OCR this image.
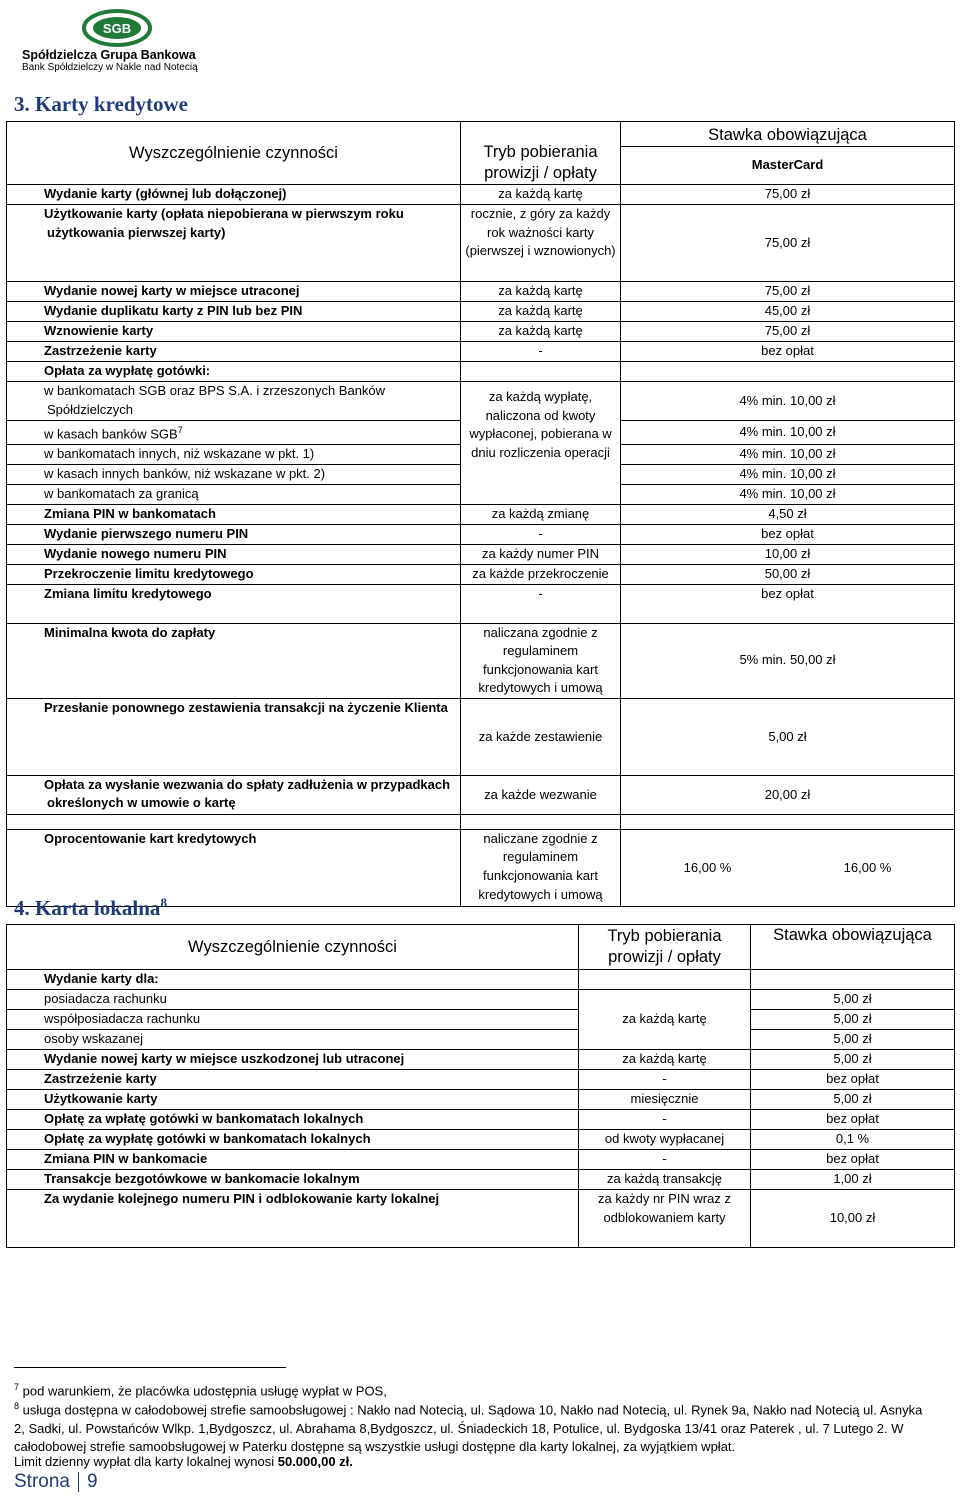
SGB
Spółdzielcza Grupa Bankowa
Bank Spółdzielczy w Nakle nad Notecią
3. Karty kredytowe
Wyszczególnienie czynności	Tryb pobierania prowizji / opłaty	Stawka obowiązująca
		MasterCard
Wydanie karty (głównej lub dołączonej)	za każdą kartę	75,00 zł
Użytkowanie karty (opłata niepobierana w pierwszym roku użytkowania pierwszej karty)	rocznie, z góry za każdy rok ważności karty (pierwszej i wznowionych)	75,00 zł
Wydanie nowej karty w miejsce utraconej	za każdą kartę	75,00 zł
Wydanie duplikatu karty z PIN lub bez PIN	za każdą kartę	45,00 zł
Wznowienie karty	za każdą kartę	75,00 zł
Zastrzeżenie karty	-	bez opłat
Opłata za wypłatę gotówki:		
w bankomatach SGB oraz BPS S.A. i zrzeszonych Banków Spółdzielczych	za każdą wypłatę, naliczona od kwoty wypłaconej, pobierana w dniu rozliczenia operacji	4% min. 10,00 zł
w kasach banków SGB$^7$		4% min. 10,00 zł
w bankomatach innych, niż wskazane w pkt. 1)		4% min. 10,00 zł
w kasach innych banków, niż wskazane w pkt. 2)		4% min. 10,00 zł
w bankomatach za granicą		4% min. 10,00 zł
Zmiana PIN w bankomatach	za każdą zmianę	4,50 zł
Wydanie pierwszego numeru PIN	-	bez opłat
Wydanie nowego numeru PIN	za każdy numer PIN	10,00 zł
Przekroczenie limitu kredytowego	za każde przekroczenie	50,00 zł
Zmiana limitu kredytowego	-	bez opłat
Minimalna kwota do zapłaty	naliczana zgodnie z regulaminem funkcjonowania kart kredytowych i umową	5% min. 50,00 zł
Przesłanie ponownego zestawienia transakcji na życzenie Klienta	za każde zestawienie	5,00 zł
Opłata za wysłanie wezwania do spłaty zadłużenia w przypadkach określonych w umowie o kartę	za każde wezwanie	20,00 zł

Oprocentowanie kart kredytowych	naliczane zgodnie z regulaminem funkcjonowania kart kredytowych i umową	16,00 % 16,00 %
4. Karta lokalna$^8$
Wyszczególnienie czynności	Tryb pobierania prowizji / opłaty	Stawka obowiązująca
Wydanie karty dla:		
posiadacza rachunku	za każdą kartę	5,00 zł
współposiadacza rachunku		5,00 zł
osoby wskazanej		5,00 zł
Wydanie nowej karty w miejsce uszkodzonej lub utraconej	za każdą kartę	5,00 zł
Zastrzeżenie karty	-	bez opłat
Użytkowanie karty	miesięcznie	5,00 zł
Opłatę za wpłatę gotówki w bankomatach lokalnych	-	bez opłat
Opłatę za wypłatę gotówki w bankomatach lokalnych	od kwoty wypłacanej	0,1 %
Zmiana PIN w bankomacie	-	bez opłat
Transakcje bezgotówkowe w bankomacie lokalnym	za każdą transakcję	1,00 zł
Za wydanie kolejnego numeru PIN i odblokowanie karty lokalnej	za każdy nr PIN wraz z odblokowaniem karty	10,00 zł
$^7$ pod warunkiem, że placówka udostępnia usługę wypłat w POS,
$^8$ usługa dostępna w całodobowej strefie samoobsługowej : Nakło nad Notecią, ul. Sądowa 10, Nakło nad Notecią, ul. Rynek 9a, Nakło nad Notecią ul. Asnyka 2, Sadki, ul. Powstańców Wlkp. 1,Bydgoszcz, ul. Abrahama 8,Bydgoszcz, ul. Śniadeckich 18, Potulice, ul. Bydgoska 13/41 oraz Paterek , ul. 7 Lutego 2. W całodobowej strefie samoobsługowej w Paterku dostępne są wszystkie usługi dostępne dla karty lokalnej, za wyjątkiem wpłat.
Limit dzienny wypłat dla karty lokalnej wynosi 50.000,00 zł.
Strona 9
